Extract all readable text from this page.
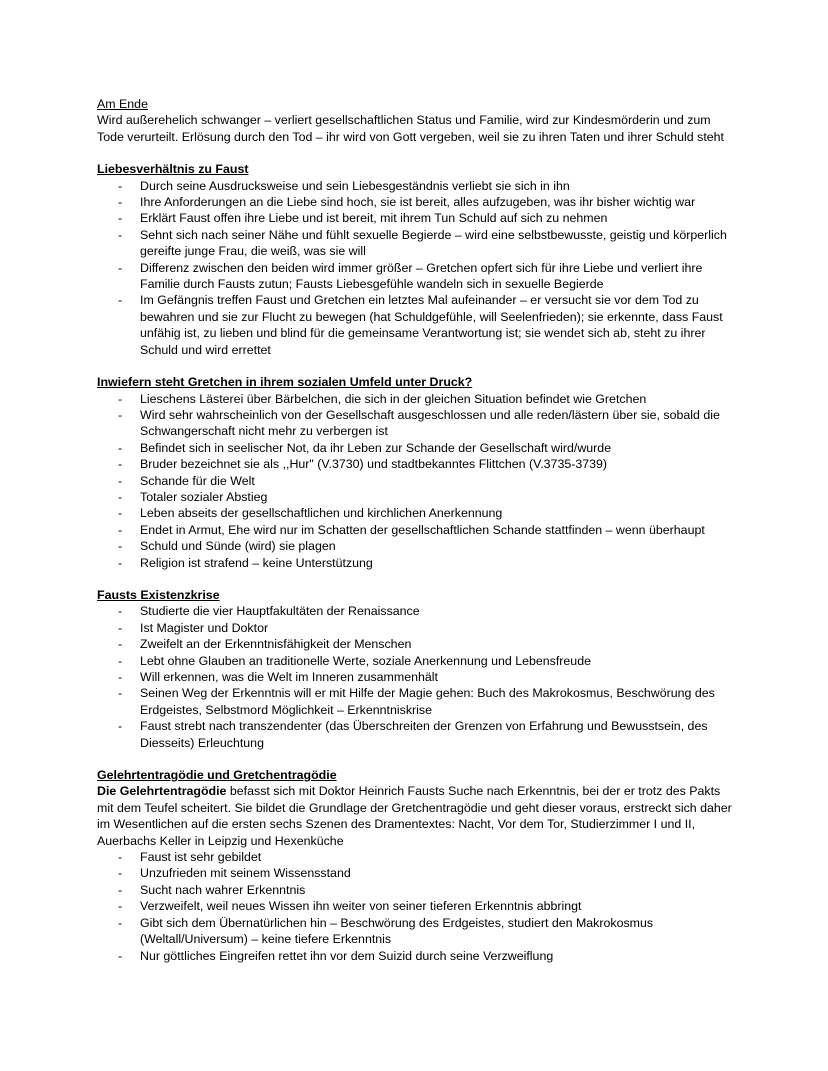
Am Ende

Wird außerehelich schwanger – verliert gesellschaftlichen Status und Familie, wird zur Kindesmörderin und zum Tode verurteilt. Erlösung durch den Tod – ihr wird von Gott vergeben, weil sie zu ihren Taten und ihrer Schuld steht

Liebesverhältnis zu Faust
-	Durch seine Ausdrucksweise und sein Liebesgeständnis verliebt sie sich in ihn
-	Ihre Anforderungen an die Liebe sind hoch, sie ist bereit, alles aufzugeben, was ihr bisher wichtig war
-	Erklärt Faust offen ihre Liebe und ist bereit, mit ihrem Tun Schuld auf sich zu nehmen
-	Sehnt sich nach seiner Nähe und fühlt sexuelle Begierde – wird eine selbstbewusste, geistig und körperlich gereifte junge Frau, die weiß, was sie will
-	Differenz zwischen den beiden wird immer größer – Gretchen opfert sich für ihre Liebe und verliert ihre Familie durch Fausts zutun; Fausts Liebesgefühle wandeln sich in sexuelle Begierde
-	Im Gefängnis treffen Faust und Gretchen ein letztes Mal aufeinander – er versucht sie vor dem Tod zu bewahren und sie zur Flucht zu bewegen (hat Schuldgefühle, will Seelenfrieden); sie erkennte, dass Faust unfähig ist, zu lieben und blind für die gemeinsame Verantwortung ist; sie wendet sich ab, steht zu ihrer Schuld und wird errettet
Inwiefern steht Gretchen in ihrem sozialen Umfeld unter Druck?
-	Lieschens Lästerei über Bärbelchen, die sich in der gleichen Situation befindet wie Gretchen
-	Wird sehr wahrscheinlich von der Gesellschaft ausgeschlossen und alle reden/lästern über sie, sobald die Schwangerschaft nicht mehr zu verbergen ist
-	Befindet sich in seelischer Not, da ihr Leben zur Schande der Gesellschaft wird/wurde
-	Bruder bezeichnet sie als ,,Hur" (V.3730) und stadtbekanntes Flittchen (V.3735-3739)
-	Schande für die Welt
-	Totaler sozialer Abstieg
-	Leben abseits der gesellschaftlichen und kirchlichen Anerkennung
-	Endet in Armut, Ehe wird nur im Schatten der gesellschaftlichen Schande stattfinden – wenn überhaupt
-	Schuld und Sünde (wird) sie plagen
-	Religion ist strafend – keine Unterstützung
Fausts Existenzkrise
-	Studierte die vier Hauptfakultäten der Renaissance
-	Ist Magister und Doktor
-	Zweifelt an der Erkenntnisfähigkeit der Menschen
-	Lebt ohne Glauben an traditionelle Werte, soziale Anerkennung und Lebensfreude
-	Will erkennen, was die Welt im Inneren zusammenhält
-	Seinen Weg der Erkenntnis will er mit Hilfe der Magie gehen: Buch des Makrokosmus, Beschwörung des Erdgeistes, Selbstmord Möglichkeit – Erkenntniskrise
-	Faust strebt nach transzendenter (das Überschreiten der Grenzen von Erfahrung und Bewusstsein, des Diesseits) Erleuchtung
Gelehrtentragödie und Gretchentragödie

Die Gelehrtentragödie befasst sich mit Doktor Heinrich Fausts Suche nach Erkenntnis, bei der er trotz des Pakts mit dem Teufel scheitert. Sie bildet die Grundlage der Gretchentragödie und geht dieser voraus, erstreckt sich daher im Wesentlichen auf die ersten sechs Szenen des Dramentextes: Nacht, Vor dem Tor, Studierzimmer I und II, Auerbachs Keller in Leipzig und Hexenküche

-	Faust ist sehr gebildet
-	Unzufrieden mit seinem Wissensstand
-	Sucht nach wahrer Erkenntnis
-	Verzweifelt, weil neues Wissen ihn weiter von seiner tieferen Erkenntnis abbringt
-	Gibt sich dem Übernatürlichen hin – Beschwörung des Erdgeistes, studiert den Makrokosmus (Weltall/Universum) – keine tiefere Erkenntnis
-	Nur göttliches Eingreifen rettet ihn vor dem Suizid durch seine Verzweiflung
